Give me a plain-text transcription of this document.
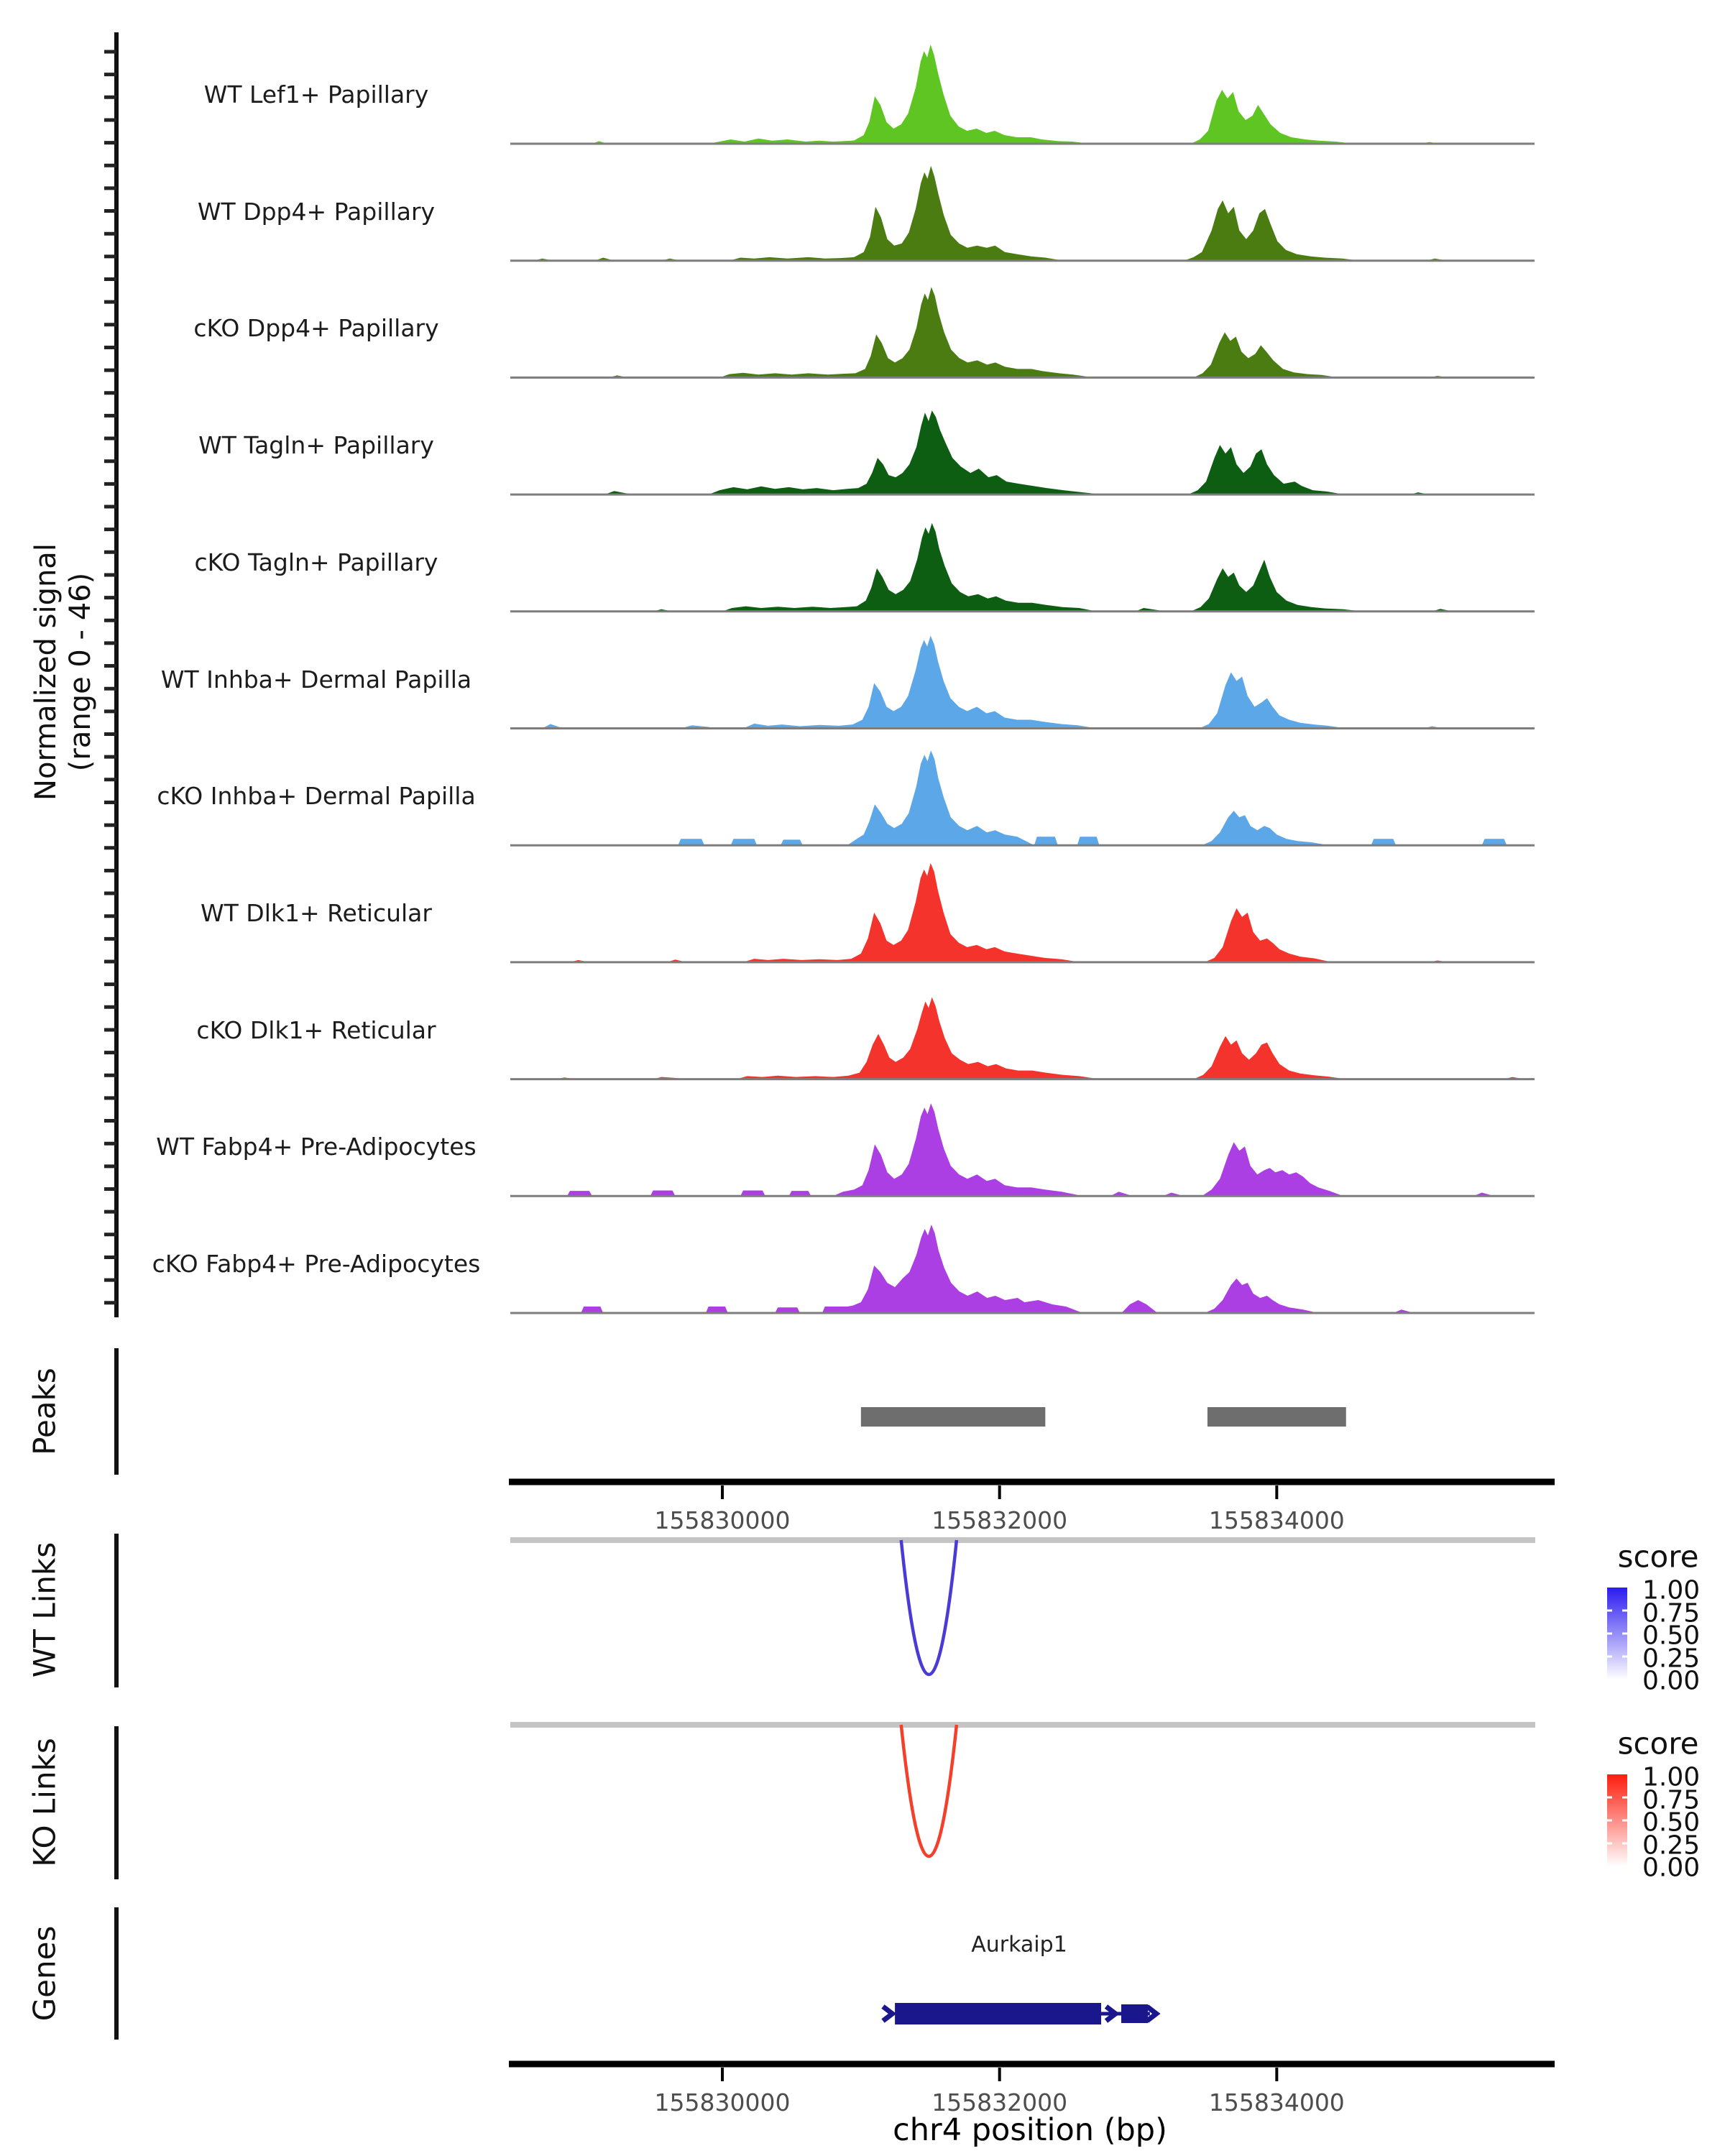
Normalized signal (range 0 - 46)
Peaks
WT Links
KO Links
Genes	Aurkaip1
chr4 position (bp)
WT Lef1+ Papillary
WT Dpp4+ Papillary
cKO Dpp4+ Papillary
WT Tagln+ Papillary
cKO Tagln+ Papillary
WT Inhba+ Dermal Papilla
cKO Inhba+ Dermal Papilla
WT Dlk1+ Reticular
cKO Dlk1+ Reticular
WT Fabp4+ Pre-Adipocytes
cKO Fabp4+ Pre-Adipocytes
155830000	155832000	155834000
155830000	155832000	155834000
score
1.00
0.75
0.50
0.25
0.00
score
1.00
0.75
0.50
0.25
0.00
